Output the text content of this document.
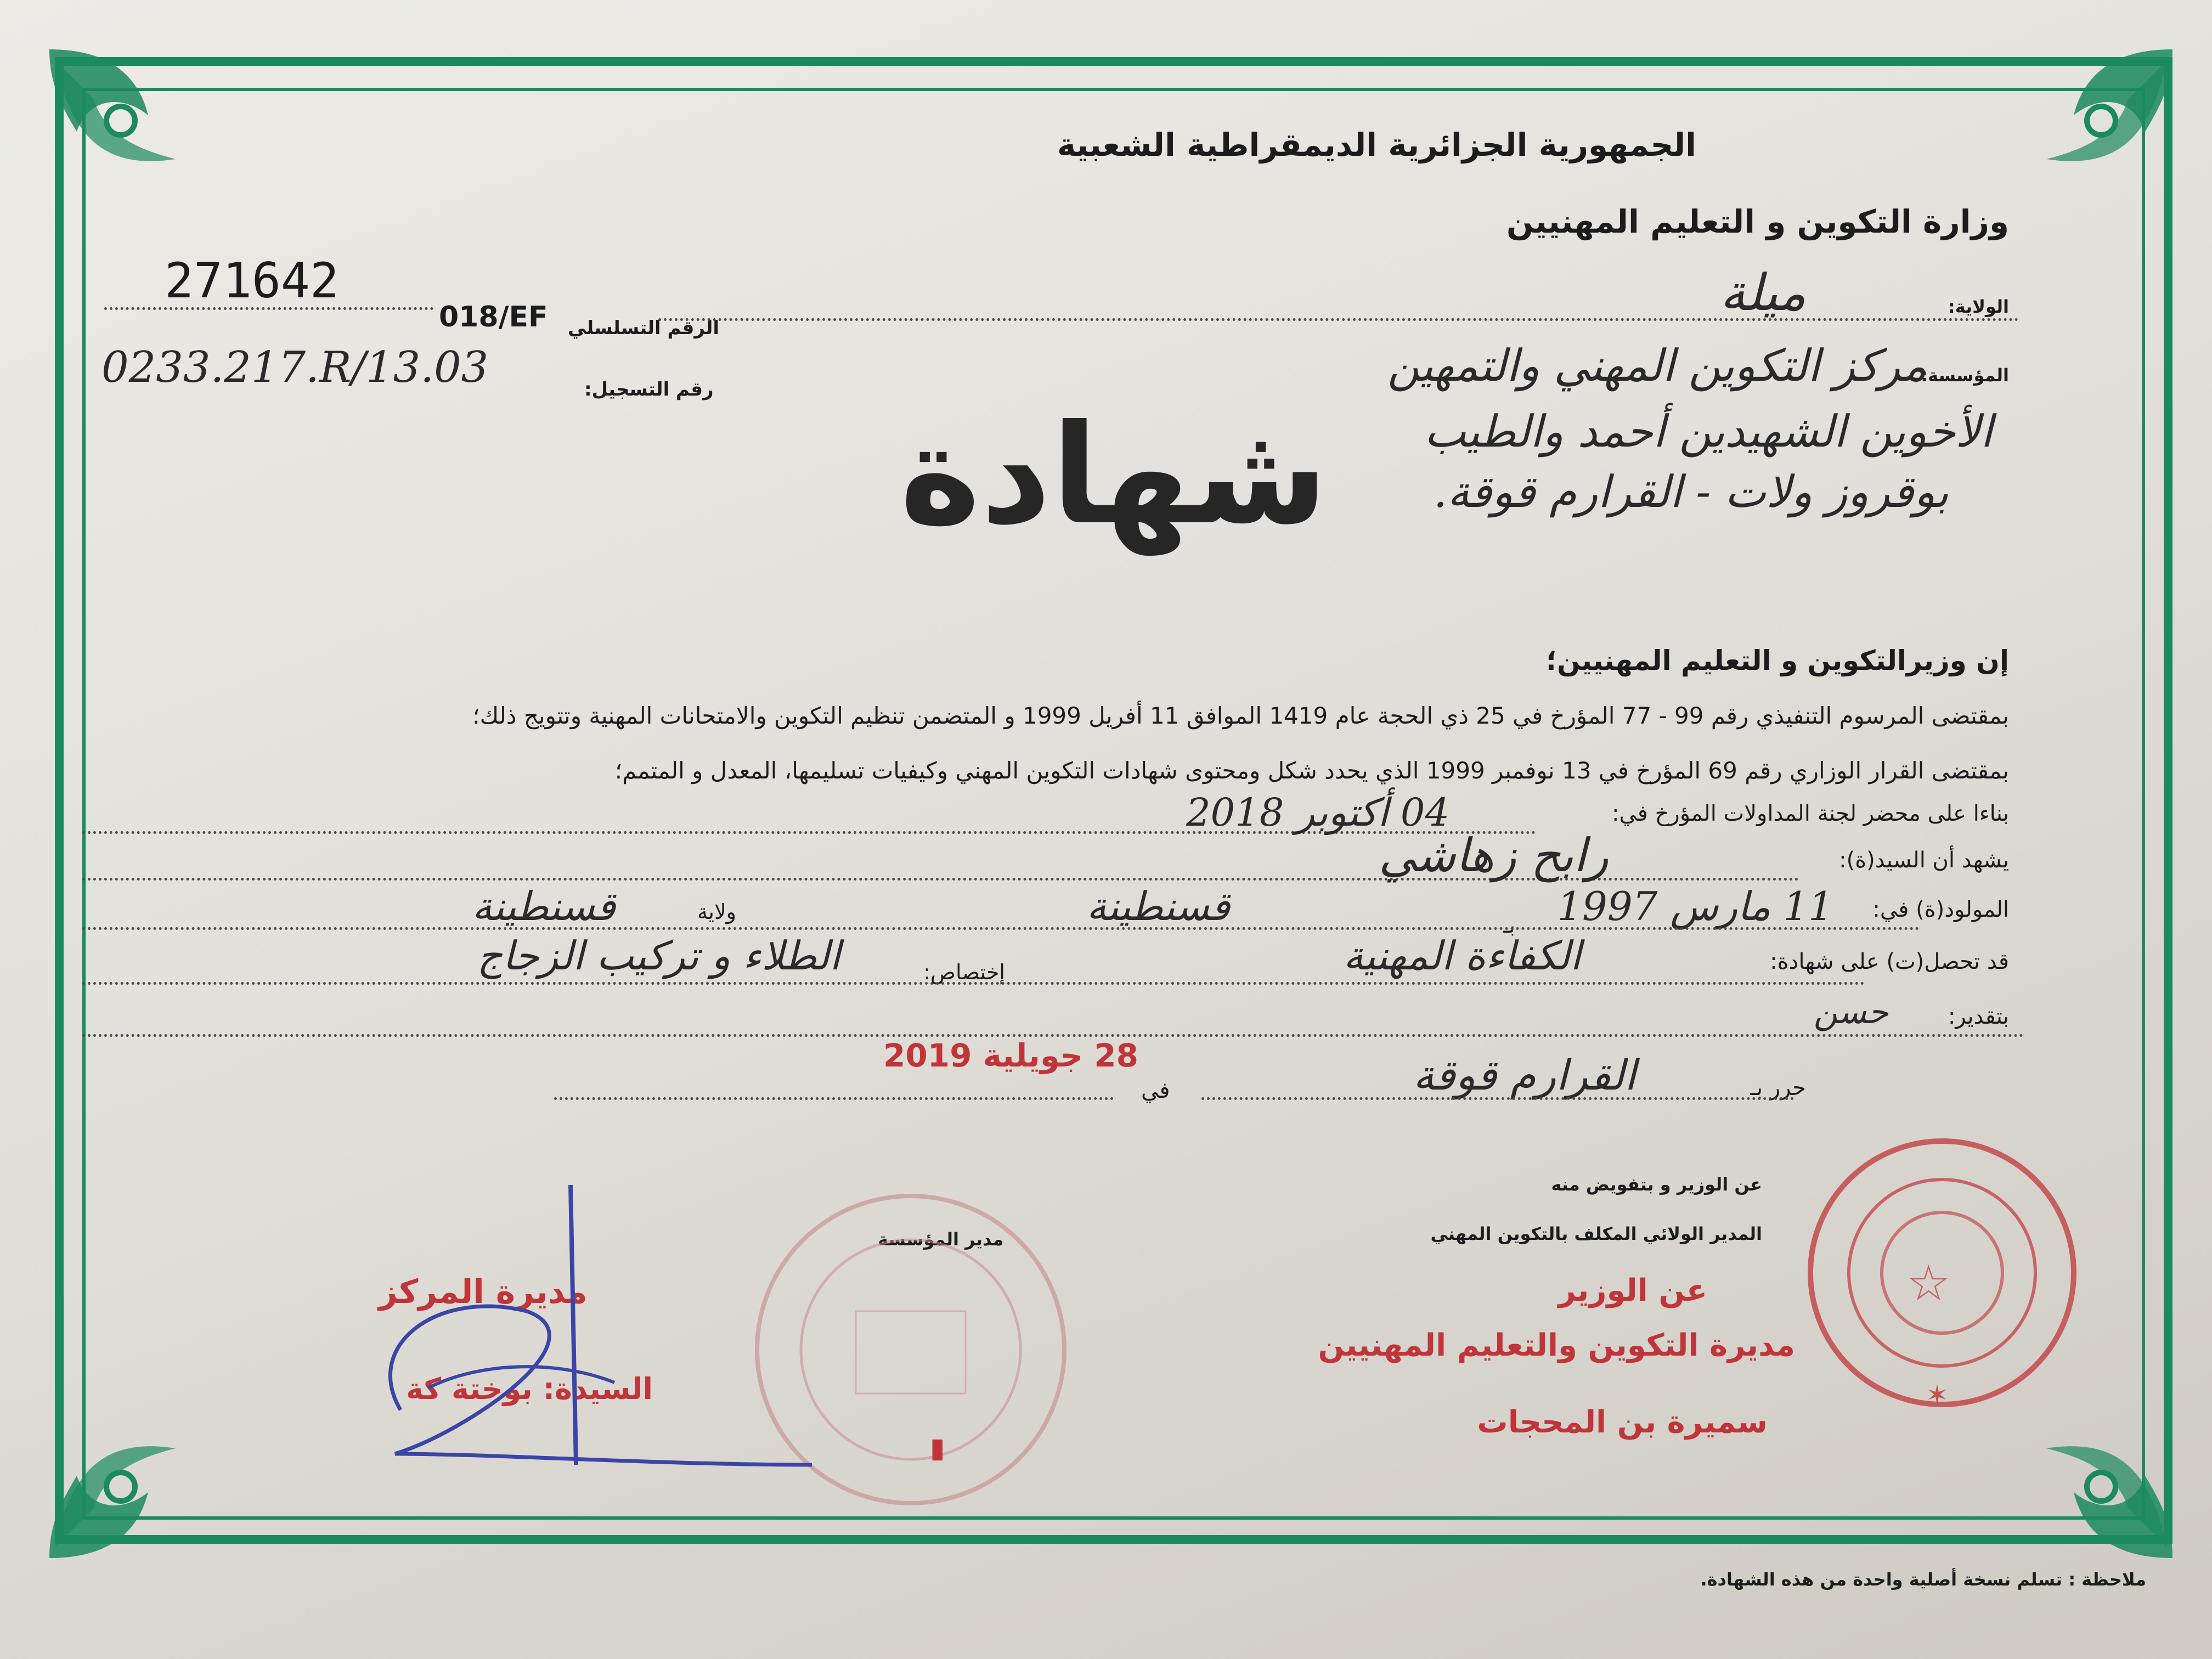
الجمهورية الجزائرية الديمقراطية الشعبية
وزارة التكوين و التعليم المهنيين
271642
018/EF الرقم التسلسلي
0233.217.R/13.03	رقم التسجيل:
الولاية:
ميلة
المؤسسة:
مركز التكوين المهني والتمهين
الأخوين الشهيدين أحمد والطيب
بوقروز ولات - القرارم قوقة.
شهادة
إن وزيرالتكوين و التعليم المهنيين؛
بمقتضى المرسوم التنفيذي رقم 99 - 77 المؤرخ في 25 ذي الحجة عام 1419 الموافق 11 أفريل 1999 و المتضمن تنظيم التكوين والامتحانات المهنية وتتويج ذلك؛
بمقتضى القرار الوزاري رقم 69 المؤرخ في 13 نوفمبر 1999 الذي يحدد شكل ومحتوى شهادات التكوين المهني وكيفيات تسليمها، المعدل و المتمم؛
بناءا على محضر لجنة المداولات المؤرخ في:
04 أكتوبر 2018
يشهد أن السيد(ة):
رابح زهاشي
المولود(ة) في:
11 مارس 1997
بـ
قسنطينة
ولاية
قسنطينة
قد تحصل(ت) على شهادة:
الكفاءة المهنية
إختصاص:
الطلاء و تركيب الزجاج
بتقدير:
حسن
28 جويلية 2019
حرر بـ
القرارم قوقة
في
عن الوزير و بتفويض منه
المدير الولائي المكلف بالتكوين المهني
عن الوزير
مديرة التكوين والتعليم المهنيين
سميرة بن المحجات
☆
✶
مدير المؤسسة
مديرة المركز
السيدة: بوختة كة
▮
ملاحظة : تسلم نسخة أصلية واحدة من هذه الشهادة.
